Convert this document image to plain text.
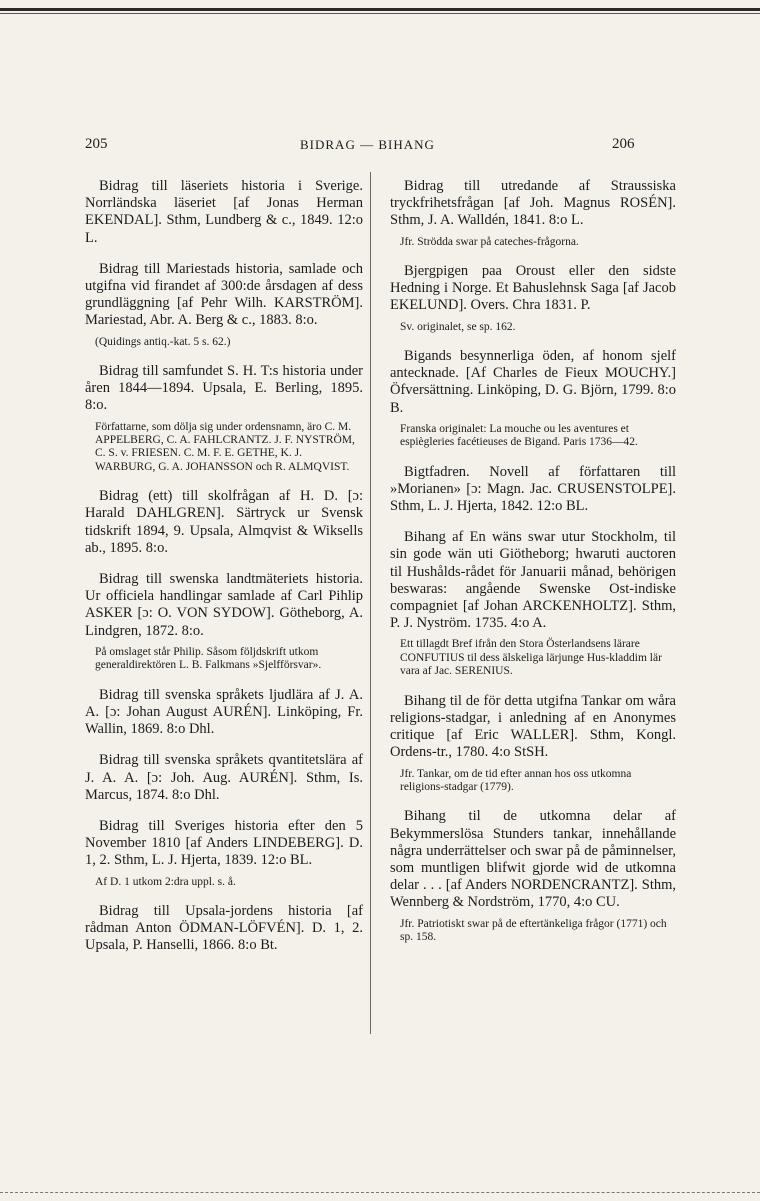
205	BIDRAG — BIHANG	206

Bidrag till läseriets historia i Sverige. Norrländska läseriet [af Jonas Herman EKENDAL]. Sthm, Lundberg & c., 1849. 12:o L.

Bidrag till Mariestads historia, samlade och utgifna vid firandet af 300:de årsdagen af dess grundläggning [af Pehr Wilh. KARSTRÖM]. Mariestad, Abr. A. Berg & c., 1883. 8:o.

(Quidings antiq.-kat. 5 s. 62.)

Bidrag till samfundet S. H. T:s historia under åren 1844—1894. Upsala, E. Berling, 1895. 8:o.

Författarne, som dölja sig under ordensnamn, äro C. M. APPELBERG, C. A. FAHLCRANTZ. J. F. NYSTRÖM, C. S. v. FRIESEN. C. M. F. E. GETHE, K. J. WARBURG, G. A. JOHANSSON och R. ALMQVIST.

Bidrag (ett) till skolfrågan af H. D. [ɔ: Harald DAHLGREN]. Särtryck ur Svensk tidskrift 1894, 9. Upsala, Almqvist & Wiksells ab., 1895. 8:o.

Bidrag till swenska landtmäteriets historia. Ur officiela handlingar samlade af Carl Pihlip ASKER [ɔ: O. VON SYDOW]. Götheborg, A. Lindgren, 1872. 8:o.

På omslaget står Philip. Såsom följdskrift utkom generaldirektören L. B. Falkmans »Sjelfförsvar».

Bidrag till svenska språkets ljudlära af J. A. A. [ɔ: Johan August AURÉN]. Linköping, Fr. Wallin, 1869. 8:o Dhl.

Bidrag till svenska språkets qvantitetslära af J. A. A. [ɔ: Joh. Aug. AURÉN]. Sthm, Is. Marcus, 1874. 8:o Dhl.

Bidrag till Sveriges historia efter den 5 November 1810 [af Anders LINDEBERG]. D. 1, 2. Sthm, L. J. Hjerta, 1839. 12:o BL.

Af D. 1 utkom 2:dra uppl. s. å.

Bidrag till Upsala-jordens historia [af rådman Anton ÖDMAN-LÖFVÉN]. D. 1, 2. Upsala, P. Hanselli, 1866. 8:o Bt.

Bidrag till utredande af Straussiska tryckfrihetsfrågan [af Joh. Magnus ROSÉN]. Sthm, J. A. Walldén, 1841. 8:o L.

Jfr. Strödda swar på cateches-frågorna.

Bjergpigen paa Oroust eller den sidste Hedning i Norge. Et Bahuslehnsk Saga [af Jacob EKELUND]. Overs. Chra 1831. P.

Sv. originalet, se sp. 162.

Bigands besynnerliga öden, af honom sjelf antecknade. [Af Charles de Fieux MOUCHY.] Öfversättning. Linköping, D. G. Björn, 1799. 8:o B.

Franska originalet: La mouche ou les aventures et espiègleries facétieuses de Bigand. Paris 1736—42.

Bigtfadren. Novell af författaren till »Morianen» [ɔ: Magn. Jac. CRUSENSTOLPE]. Sthm, L. J. Hjerta, 1842. 12:o BL.

Bihang af En wäns swar utur Stockholm, til sin gode wän uti Giötheborg; hwaruti auctoren til Hushålds-rådet för Januarii månad, behörigen beswaras: angående Swenske Ost-indiske compagniet [af Johan ARCKENHOLTZ]. Sthm, P. J. Nyström. 1735. 4:o A.

Ett tillagdt Bref ifrån den Stora Österlandsens lärare CONFUTIUS til dess älskeliga lärjunge Hus-kladdim lär vara af Jac. SERENIUS.

Bihang til de för detta utgifna Tankar om wåra religions-stadgar, i anledning af en Anonymes critique [af Eric WALLER]. Sthm, Kongl. Ordens-tr., 1780. 4:o StSH.

Jfr. Tankar, om de tid efter annan hos oss utkomna religions-stadgar (1779).

Bihang til de utkomna delar af Bekymmerslösa Stunders tankar, innehållande några underrättelser och swar på de påminnelser, som muntligen blifwit gjorde wid de utkomna delar . . . [af Anders NORDENCRANTZ]. Sthm, Wennberg & Nordström, 1770, 4:o CU.

Jfr. Patriotiskt swar på de eftertänkeliga frågor (1771) och sp. 158.
